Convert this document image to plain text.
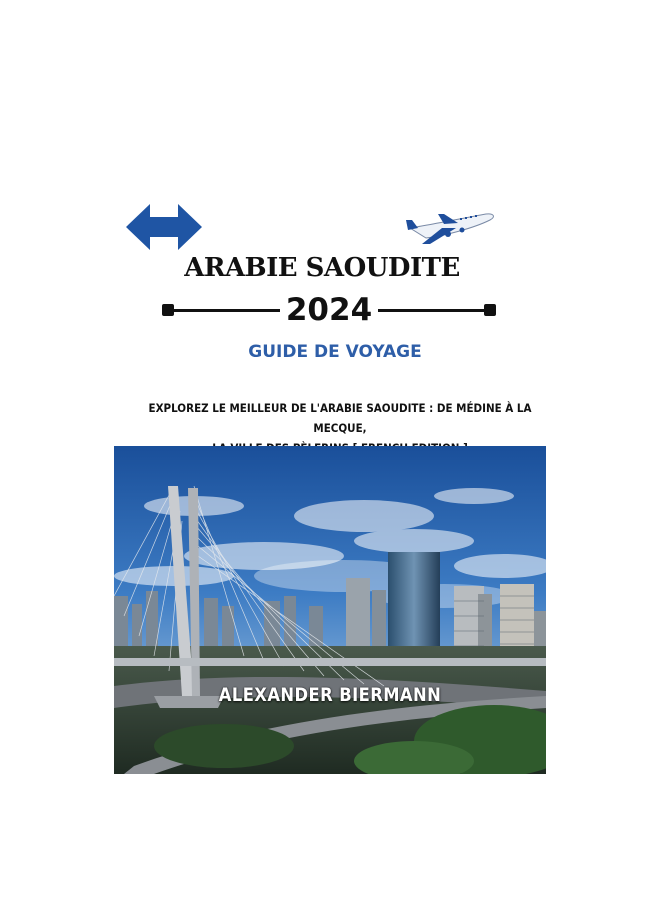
ARABIE SAOUDITE
2024
GUIDE DE VOYAGE
EXPLOREZ LE MEILLEUR DE L'ARABIE SAOUDITE : DE MÉDINE À LA MECQUE,
ALEXANDER BIERMANN
